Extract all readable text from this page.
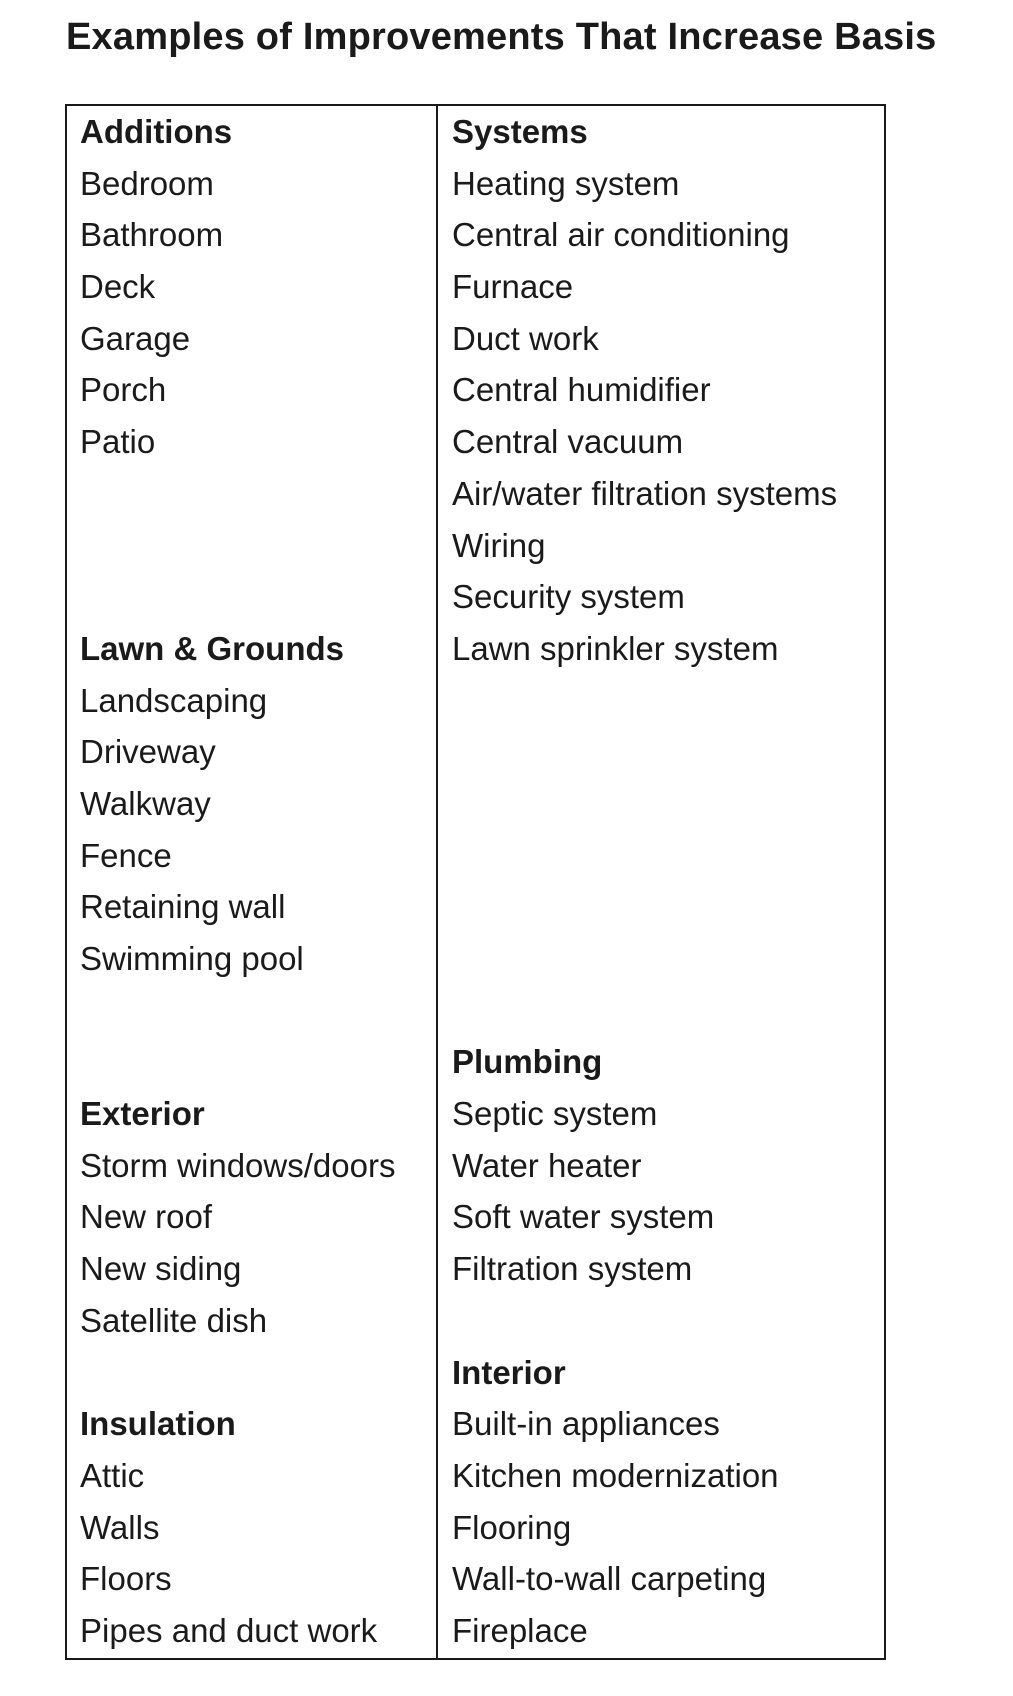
Examples of Improvements That Increase Basis
Additions
Bedroom
Bathroom
Deck
Garage
Porch
Patio
Lawn & Grounds
Landscaping
Driveway
Walkway
Fence
Retaining wall
Swimming pool
Exterior
Storm windows/doors
New roof
New siding
Satellite dish
Insulation
Attic
Walls
Floors
Pipes and duct work
Systems
Heating system
Central air conditioning
Furnace
Duct work
Central humidifier
Central vacuum
Air/water filtration systems
Wiring
Security system
Lawn sprinkler system
Plumbing
Septic system
Water heater
Soft water system
Filtration system
Interior
Built-in appliances
Kitchen modernization
Flooring
Wall-to-wall carpeting
Fireplace
